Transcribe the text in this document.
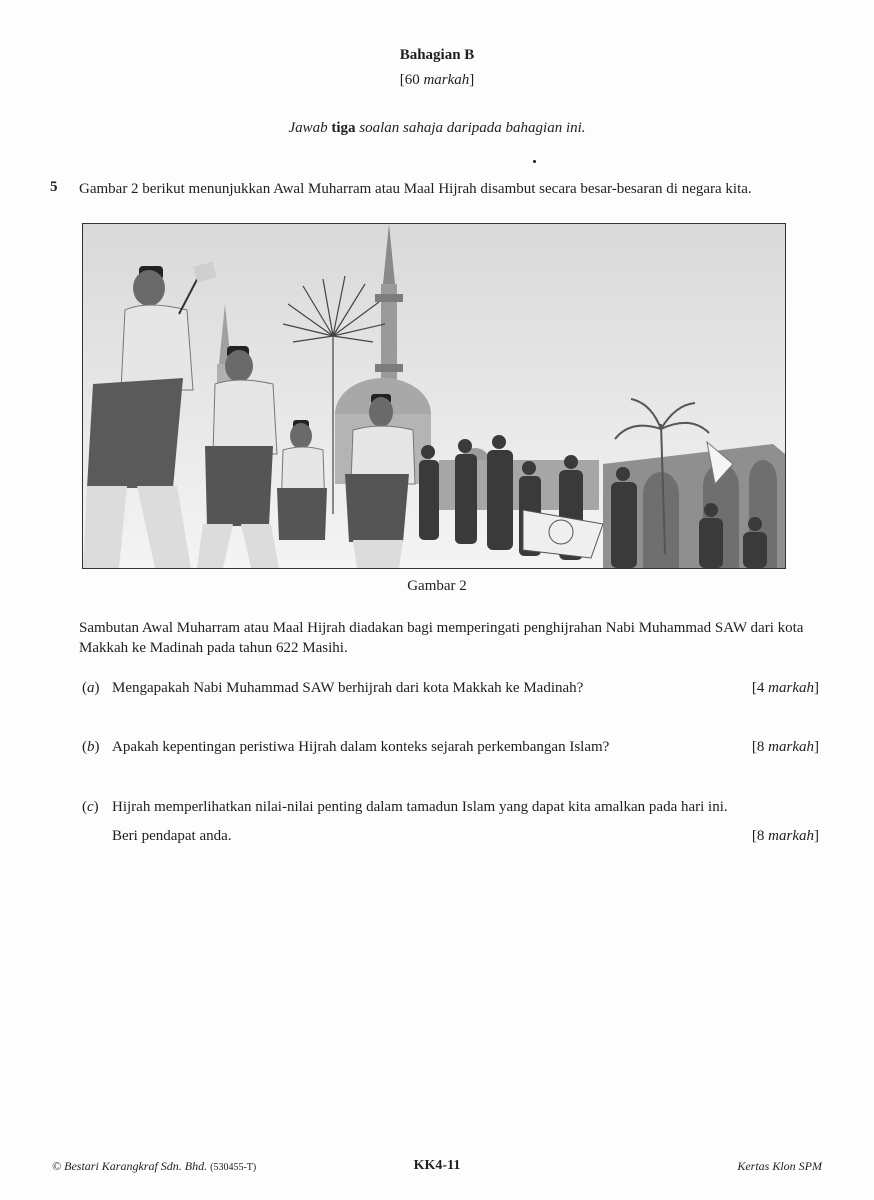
Bahagian B
[60 markah]
Jawab tiga soalan sahaja daripada bahagian ini.
5 Gambar 2 berikut menunjukkan Awal Muharram atau Maal Hijrah disambut secara besar-besaran di negara kita.
Gambar 2
Sambutan Awal Muharram atau Maal Hijrah diadakan bagi memperingati penghijrahan Nabi Muhammad SAW dari kota Makkah ke Madinah pada tahun 622 Masihi.
(a) Mengapakah Nabi Muhammad SAW berhijrah dari kota Makkah ke Madinah?	[4 markah]
(b) Apakah kepentingan peristiwa Hijrah dalam konteks sejarah perkembangan Islam?	[8 markah]
(c) Hijrah memperlihatkan nilai-nilai penting dalam tamadun Islam yang dapat kita amalkan pada hari ini.
Beri pendapat anda.	[8 markah]
© Bestari Karangkraf Sdn. Bhd. (530455-T)	KK4-11	Kertas Klon SPM
